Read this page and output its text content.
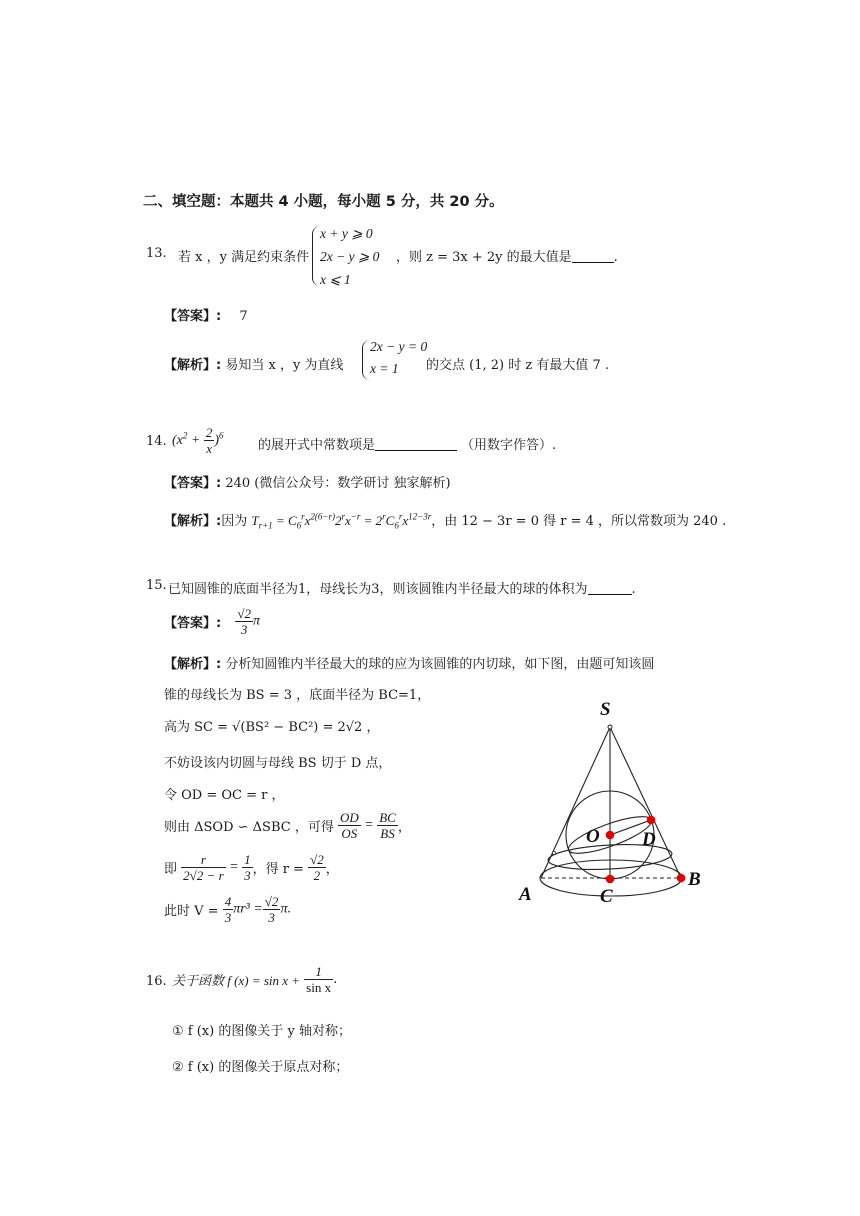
二、填空题：本题共 4 小题，每小题 5 分，共 20 分。
13. 若 x ，y 满足约束条件
x + y ⩾ 0
2x − y ⩾ 0
x ⩽ 1
，则 z = 3x + 2y 的最大值是	.
【答案】: 7
【解析】: 易知当 x ，y 为直线
2x − y = 0
x = 1	的交点 (1, 2) 时 z 有最大值 7 .
14. $(x^2 + \frac{2}{x} )^6$
的展开式中常数项是	（用数字作答）.
【答案】: 240 (微信公众号：数学研讨 独家解析)
【解析】:因为 $T_{r+1} = C_6^rx^{2(6-r)}2^rx^{-r} = 2^rC_6^rx^{12-3r}$，由 12 − 3r = 0 得 r = 4 ，所以常数项为 240 .
15. 已知圆锥的底面半径为1，母线长为3，则该圆锥内半径最大的球的体积为	.
【答案】: $\frac{√2}{3}$ π
【解析】: 分析知圆锥内半径最大的球的应为该圆锥的内切球，如下图，由题可知该圆
锥的母线长为 BS = 3 ，底面半径为 BC=1，
高为 SC = √(BS² − BC²) = 2√2 ，
不妨设该内切圆与母线 BS 切于 D 点，
令 OD = OC = r ，
则由 ΔSOD ∽ ΔSBC ，可得 $\frac{OD}{OS} = \frac{BC}{BS}$ ，
即 $\frac{r}{2√2 - r} = \frac{1}{3}$ ，得 $r = \frac{√2}{2}$ ，
此时 $V = \frac{4}{3} \pi r^3 = \frac{√2}{3} \pi$.
S
O D
A	C
B
16. 关于函数 f $(x) = \sin x + \frac{1}{\text{sin x}}$ .
① f (x) 的图像关于 y 轴对称；
② f (x) 的图像关于原点对称；
